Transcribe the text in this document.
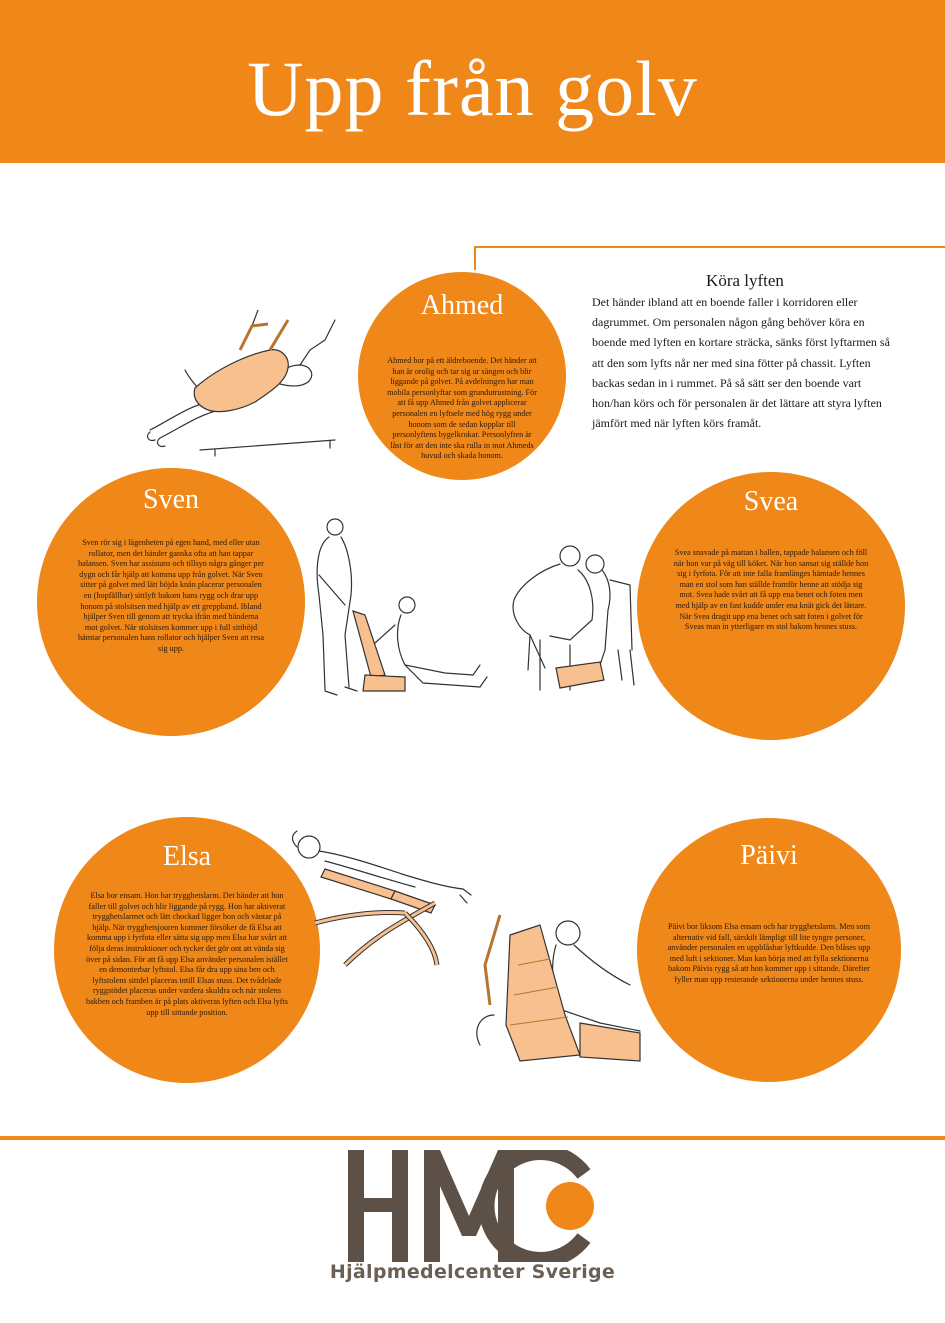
Upp från golv
Köra lyften
Det händer ibland att en boende faller i korridoren eller dagrummet. Om personalen någon gång behöver köra en boende med lyften en kortare sträcka, sänks först lyftarmen så att den som lyfts når ner med sina fötter på chassit. Lyften backas sedan in i rummet. På så sätt ser den boende vart hon/han körs och för personalen är det lättare att styra lyften jämfört med när lyften körs framåt.
Ahmed
Ahmed bor på ett äldreboende. Det händer att han är orolig och tar sig ur sängen och blir liggande på golvet. På avdelningen har man mobila personlyftar som grundutrustning. För att få upp Ahmed från golvet applicerar personalen en lyftsele med hög rygg under honom som de sedan kopplar till personlyftens bygelkrokar. Personlyften är låst för att den inte ska rulla in mot Ahmeds huvud och skada honom.
Sven
Sven rör sig i lägenheten på egen hand, med eller utan rollator, men det händer ganska ofta att han tappar balansen. Sven har assistans och tillsyn några gånger per dygn och får hjälp att komma upp från golvet. När Sven sitter på golvet med lätt böjda knän placerar personalen en (hopfällbar) sittlyft bakom hans rygg och drar upp honom på stolsitsen med hjälp av ett greppband. Ibland hjälper Sven till genom att trycka ifrån med händerna mot golvet. När stolsitsen kommer upp i full sitthöjd hämtar personalen hans rollator och hjälper Sven att resa sig upp.
Svea
Svea snavade på mattan i hallen, tappade balansen och föll när hon var på väg till köket. När hon sansat sig ställde hon sig i fyrfota. För att inte falla framlänges hämtade hennes man en stol som han ställde framför henne att stödja sig mot. Svea hade svårt att få upp ena benet och foten men med hjälp av en fast kudde under ena knät gick det lättare. När Svea dragit upp ena benet och satt foten i golvet för Sveas man in ytterligare en stol bakom hennes stuss.
Elsa
Elsa bor ensam. Hon har trygghetslarm. Det händer att hon faller till golvet och blir liggande på rygg. Hon har aktiverat trygghetslarmet och lätt chockad ligger hon och väntar på hjälp. När trygghetsjouren kommer försöker de få Elsa att komma upp i fyrfota eller sätta sig upp men Elsa har svårt att följa deras instruktioner och tycker det gör ont att vända sig över på sidan. För att få upp Elsa använder personalen istället en demonterbar lyftstol. Elsa får dra upp sina ben och lyftstolens sittdel placeras intill Elsas stuss. Det tvådelade ryggstödet placeras under vardera skuldra och när stolens bakben och framben är på plats aktiveras lyften och Elsa lyfts upp till sittande position.
Päivi
Päivi bor liksom Elsa ensam och har trygghetslarm. Men som alternativ vid fall, särskilt lämpligt till lite tyngre personer, använder personalen en uppblåsbar lyftkudde. Den blåses upp med luft i sektioner. Man kan börja med att fylla sektionerna bakom Päivis rygg så att hon kommer upp i sittande. Därefter fyller man upp resterande sektionerna under hennes stuss.
Hjälpmedelcenter Sverige
